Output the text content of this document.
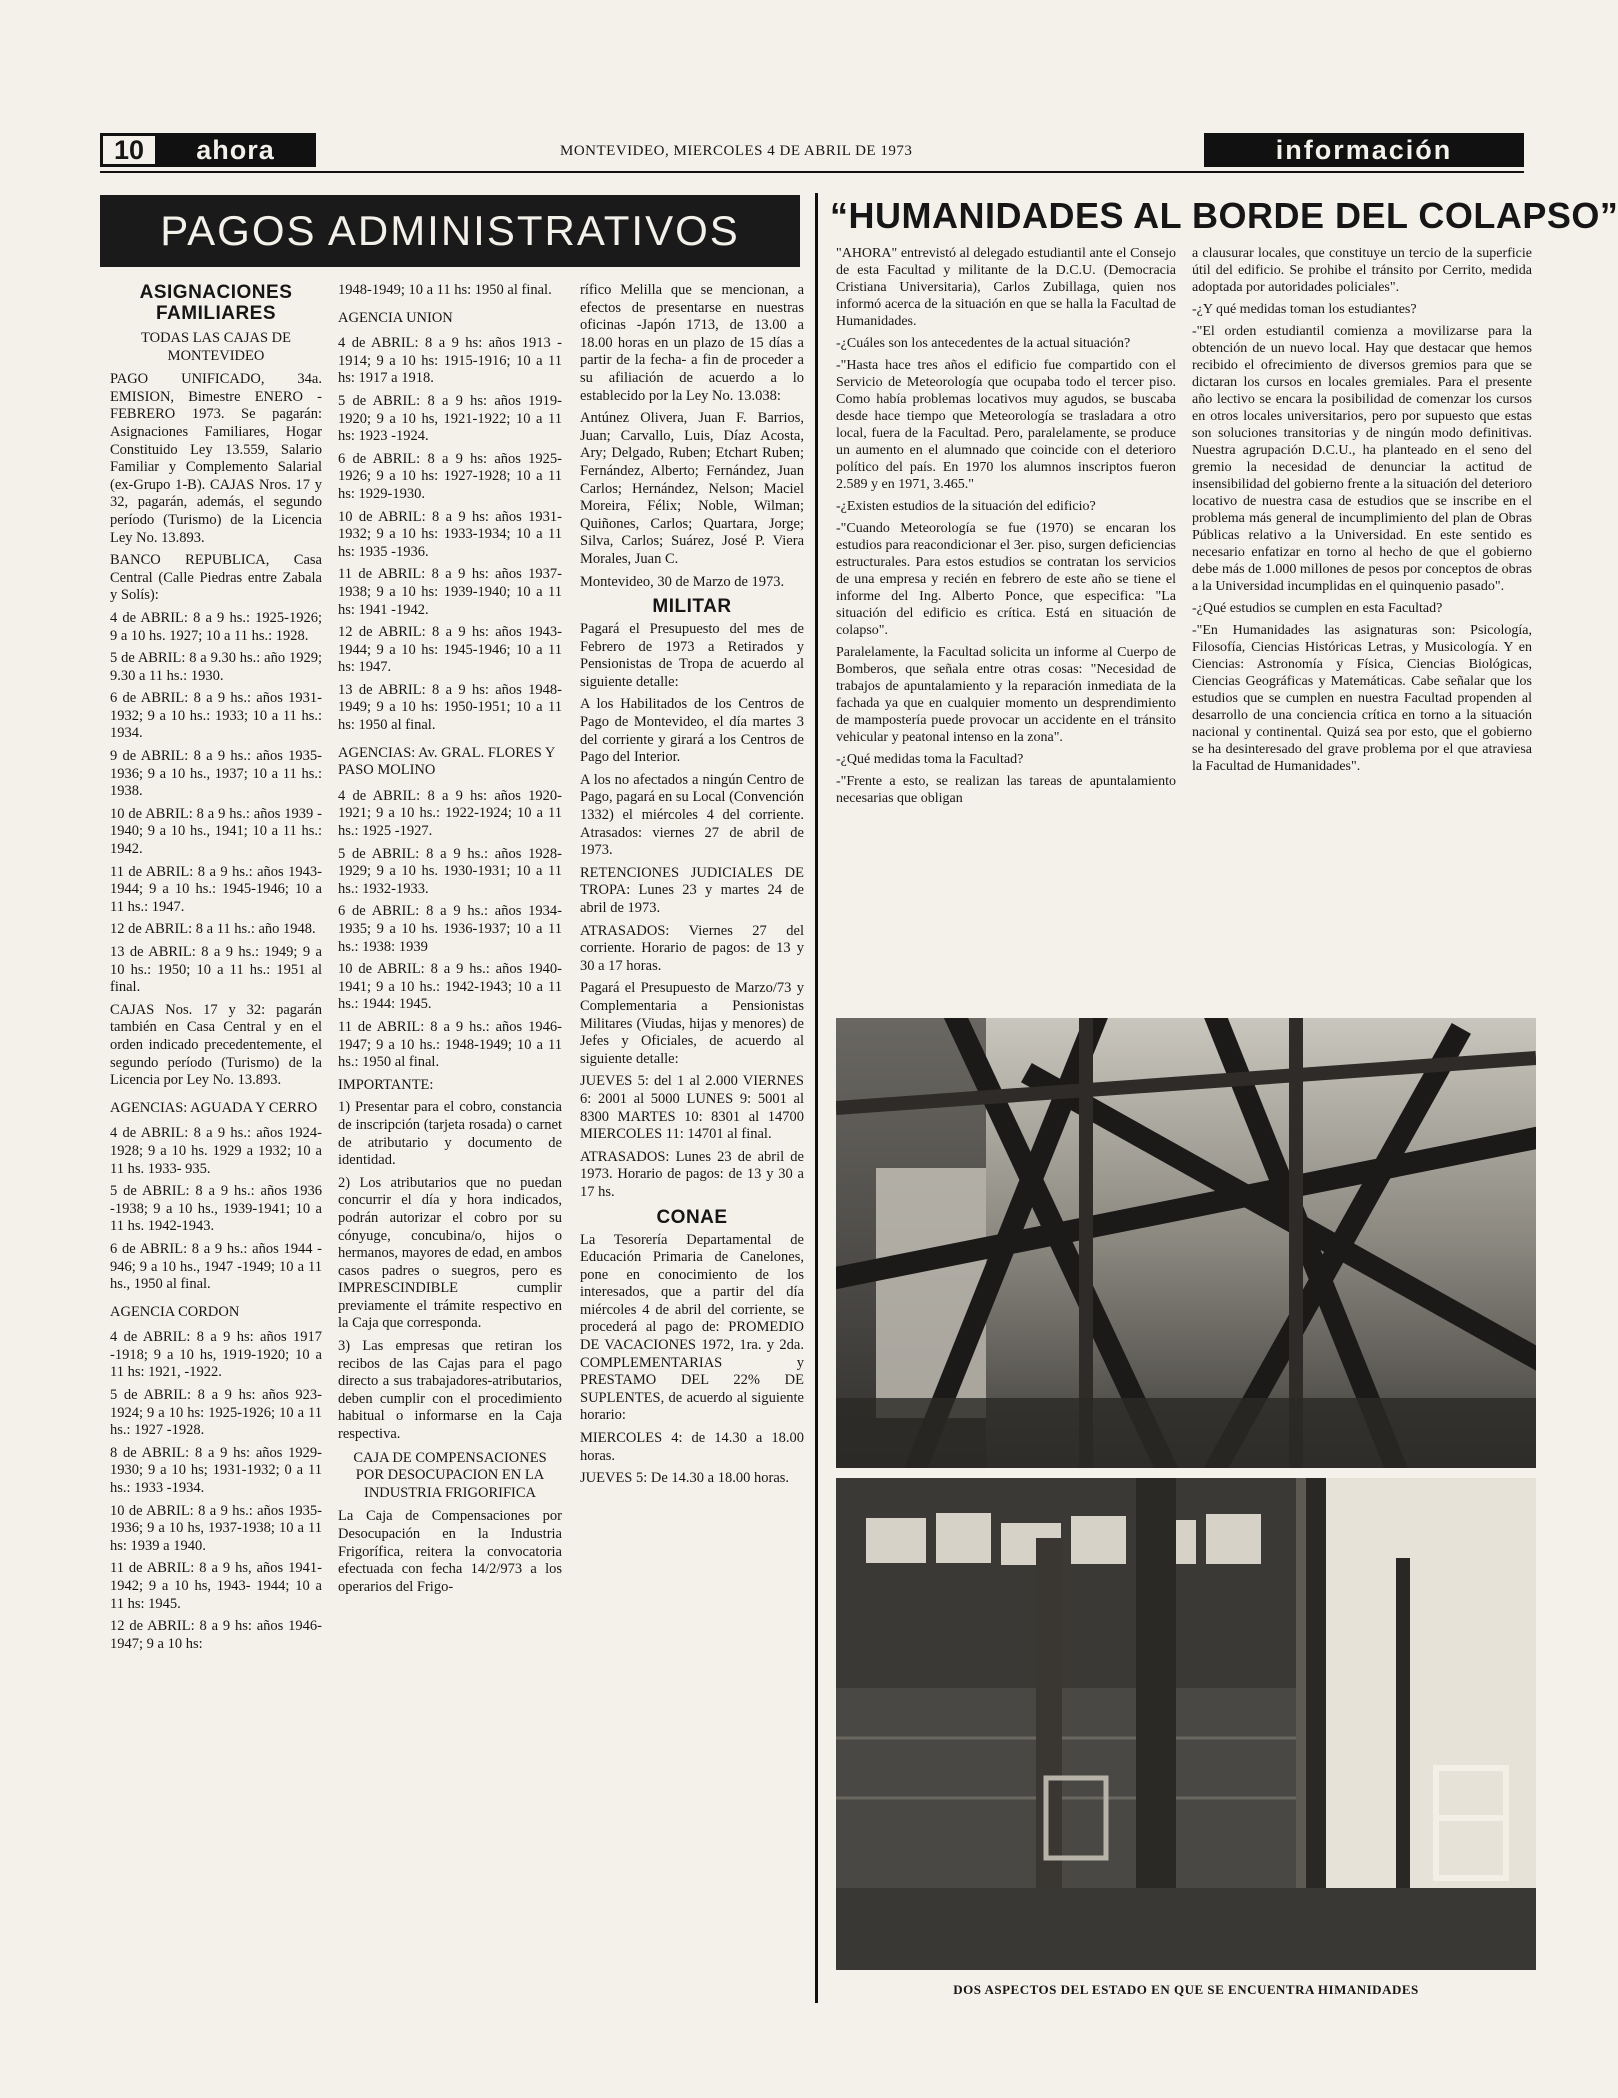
10	ahora	MONTEVIDEO, MIERCOLES 4 DE ABRIL DE 1973	información
PAGOS ADMINISTRATIVOS
ASIGNACIONES FAMILIARES
TODAS LAS CAJAS DE MONTEVIDEO

PAGO UNIFICADO, 34a. EMISION, Bimestre ENERO -FEBRERO 1973. Se pagarán: Asignaciones Familiares, Hogar Constituido Ley 13.559, Salario Familiar y Complemento Salarial (ex-Grupo 1-B). CAJAS Nros. 17 y 32, pagarán, además, el segundo período (Turismo) de la Licencia Ley No. 13.893.

BANCO REPUBLICA, Casa Central (Calle Piedras entre Zabala y Solís):

4 de ABRIL: 8 a 9 hs.: 1925-1926; 9 a 10 hs. 1927; 10 a 11 hs.: 1928.

5 de ABRIL: 8 a 9.30 hs.: año 1929; 9.30 a 11 hs.: 1930.

6 de ABRIL: 8 a 9 hs.: años 1931-1932; 9 a 10 hs.: 1933; 10 a 11 hs.: 1934.

9 de ABRIL: 8 a 9 hs.: años 1935-1936; 9 a 10 hs., 1937; 10 a 11 hs.: 1938.

10 de ABRIL: 8 a 9 hs.: años 1939 - 1940; 9 a 10 hs., 1941; 10 a 11 hs.: 1942.

11 de ABRIL: 8 a 9 hs.: años 1943-1944; 9 a 10 hs.: 1945-1946; 10 a 11 hs.: 1947.

12 de ABRIL: 8 a 11 hs.: año 1948.

13 de ABRIL: 8 a 9 hs.: 1949; 9 a 10 hs.: 1950; 10 a 11 hs.: 1951 al final.

CAJAS Nos. 17 y 32: pagarán también en Casa Central y en el orden indicado precedentemente, el segundo período (Turismo) de la Licencia por Ley No. 13.893.

AGENCIAS: AGUADA Y CERRO

4 de ABRIL: 8 a 9 hs.: años 1924-1928; 9 a 10 hs. 1929 a 1932; 10 a 11 hs. 1933- 935.

5 de ABRIL: 8 a 9 hs.: años 1936 -1938; 9 a 10 hs., 1939-1941; 10 a 11 hs. 1942-1943.

6 de ABRIL: 8 a 9 hs.: años 1944 - 946; 9 a 10 hs., 1947 -1949; 10 a 11 hs., 1950 al final.

AGENCIA CORDON

4 de ABRIL: 8 a 9 hs: años 1917 -1918; 9 a 10 hs, 1919-1920; 10 a 11 hs: 1921, -1922.

5 de ABRIL: 8 a 9 hs: años 923-1924; 9 a 10 hs: 1925-1926; 10 a 11 hs.: 1927 -1928.

8 de ABRIL: 8 a 9 hs: años 1929-1930; 9 a 10 hs; 1931-1932; 0 a 11 hs.: 1933 -1934.

10 de ABRIL: 8 a 9 hs.: años 1935-1936; 9 a 10 hs, 1937-1938; 10 a 11 hs: 1939 a 1940.

11 de ABRIL: 8 a 9 hs, años 1941-1942; 9 a 10 hs, 1943- 1944; 10 a 11 hs: 1945.

12 de ABRIL: 8 a 9 hs: años 1946-1947; 9 a 10 hs:

1948-1949; 10 a 11 hs: 1950 al final.

AGENCIA UNION

4 de ABRIL: 8 a 9 hs: años 1913 - 1914; 9 a 10 hs: 1915-1916; 10 a 11 hs: 1917 a 1918.

5 de ABRIL: 8 a 9 hs: años 1919-1920; 9 a 10 hs, 1921-1922; 10 a 11 hs: 1923 -1924.

6 de ABRIL: 8 a 9 hs: años 1925-1926; 9 a 10 hs: 1927-1928; 10 a 11 hs: 1929-1930.

10 de ABRIL: 8 a 9 hs: años 1931-1932; 9 a 10 hs: 1933-1934; 10 a 11 hs: 1935 -1936.

11 de ABRIL: 8 a 9 hs: años 1937-1938; 9 a 10 hs: 1939-1940; 10 a 11 hs: 1941 -1942.

12 de ABRIL: 8 a 9 hs: años 1943-1944; 9 a 10 hs: 1945-1946; 10 a 11 hs: 1947.

13 de ABRIL: 8 a 9 hs: años 1948-1949; 9 a 10 hs: 1950-1951; 10 a 11 hs: 1950 al final.

AGENCIAS: Av. GRAL. FLORES Y PASO MOLINO

4 de ABRIL: 8 a 9 hs: años 1920-1921; 9 a 10 hs.: 1922-1924; 10 a 11 hs.: 1925 -1927.

5 de ABRIL: 8 a 9 hs.: años 1928-1929; 9 a 10 hs. 1930-1931; 10 a 11 hs.: 1932-1933.

6 de ABRIL: 8 a 9 hs.: años 1934-1935; 9 a 10 hs. 1936-1937; 10 a 11 hs.: 1938: 1939

10 de ABRIL: 8 a 9 hs.: años 1940-1941; 9 a 10 hs.: 1942-1943; 10 a 11 hs.: 1944: 1945.

11 de ABRIL: 8 a 9 hs.: años 1946-1947; 9 a 10 hs.: 1948-1949; 10 a 11 hs.: 1950 al final.

IMPORTANTE:

1) Presentar para el cobro, constancia de inscripción (tarjeta rosada) o carnet de atributario y documento de identidad.

2) Los atributarios que no puedan concurrir el día y hora indicados, podrán autorizar el cobro por su cónyuge, concubina/o, hijos o hermanos, mayores de edad, en ambos casos padres o suegros, pero es IMPRESCINDIBLE cumplir previamente el trámite respectivo en la Caja que corresponda.

3) Las empresas que retiran los recibos de las Cajas para el pago directo a sus trabajadores-atributarios, deben cumplir con el procedimiento habitual o informarse en la Caja respectiva.

CAJA DE COMPENSACIONES POR DESOCUPACION EN LA INDUSTRIA FRIGORIFICA

La Caja de Compensaciones por Desocupación en la Industria Frigorífica, reitera la convocatoria efectuada con fecha 14/2/973 a los operarios del Frigo-

rífico Melilla que se mencionan, a efectos de presentarse en nuestras oficinas -Japón 1713, de 13.00 a 18.00 horas en un plazo de 15 días a partir de la fecha- a fin de proceder a su afiliación de acuerdo a lo establecido por la Ley No. 13.038:

Antúnez Olivera, Juan F. Barrios, Juan; Carvallo, Luis, Díaz Acosta, Ary; Delgado, Ruben; Etchart Ruben; Fernández, Alberto; Fernández, Juan Carlos; Hernández, Nelson; Maciel Moreira, Félix; Noble, Wilman; Quiñones, Carlos; Quartara, Jorge; Silva, Carlos; Suárez, José P. Viera Morales, Juan C.

Montevideo, 30 de Marzo de 1973.

MILITAR

Pagará el Presupuesto del mes de Febrero de 1973 a Retirados y Pensionistas de Tropa de acuerdo al siguiente detalle:

A los Habilitados de los Centros de Pago de Montevideo, el día martes 3 del corriente y girará a los Centros de Pago del Interior.

A los no afectados a ningún Centro de Pago, pagará en su Local (Convención 1332) el miércoles 4 del corriente. Atrasados: viernes 27 de abril de 1973.

RETENCIONES JUDICIALES DE TROPA: Lunes 23 y martes 24 de abril de 1973.

ATRASADOS: Viernes 27 del corriente. Horario de pagos: de 13 y 30 a 17 horas.

Pagará el Presupuesto de Marzo/73 y Complementaria a Pensionistas Militares (Viudas, hijas y menores) de Jefes y Oficiales, de acuerdo al siguiente detalle:

JUEVES 5: del 1 al 2.000 VIERNES 6: 2001 al 5000 LUNES 9: 5001 al 8300 MARTES 10: 8301 al 14700 MIERCOLES 11: 14701 al final.

ATRASADOS: Lunes 23 de abril de 1973. Horario de pagos: de 13 y 30 a 17 hs.

CONAE

La Tesorería Departamental de Educación Primaria de Canelones, pone en conocimiento de los interesados, que a partir del día miércoles 4 de abril del corriente, se procederá al pago de: PROMEDIO DE VACACIONES 1972, 1ra. y 2da. COMPLEMENTARIAS y PRESTAMO DEL 22% DE SUPLENTES, de acuerdo al siguiente horario:

MIERCOLES 4: de 14.30 a 18.00 horas.

JUEVES 5: De 14.30 a 18.00 horas.

“HUMANIDADES AL BORDE DEL COLAPSO”

"AHORA" entrevistó al delegado estudiantil ante el Consejo de esta Facultad y militante de la D.C.U. (Democracia Cristiana Universitaria), Carlos Zubillaga, quien nos informó acerca de la situación en que se halla la Facultad de Humanidades.

-¿Cuáles son los antecedentes de la actual situación?

-"Hasta hace tres años el edificio fue compartido con el Servicio de Meteorología que ocupaba todo el tercer piso. Como había problemas locativos muy agudos, se buscaba desde hace tiempo que Meteorología se trasladara a otro local, fuera de la Facultad. Pero, paralelamente, se produce un aumento en el alumnado que coincide con el deterioro político del país. En 1970 los alumnos inscriptos fueron 2.589 y en 1971, 3.465."

-¿Existen estudios de la situación del edificio?

-"Cuando Meteorología se fue (1970) se encaran los estudios para reacondicionar el 3er. piso, surgen deficiencias estructurales. Para estos estudios se contratan los servicios de una empresa y recién en febrero de este año se tiene el informe del Ing. Alberto Ponce, que especifica: "La situación del edificio es crítica. Está en situación de colapso".

Paralelamente, la Facultad solicita un informe al Cuerpo de Bomberos, que señala entre otras cosas: "Necesidad de trabajos de apuntalamiento y la reparación inmediata de la fachada ya que en cualquier momento un desprendimiento de mampostería puede provocar un accidente en el tránsito vehicular y peatonal intenso en la zona".

-¿Qué medidas toma la Facultad?

-"Frente a esto, se realizan las tareas de apuntalamiento necesarias que obligan

a clausurar locales, que constituye un tercio de la superficie útil del edificio. Se prohibe el tránsito por Cerrito, medida adoptada por autoridades policiales".

-¿Y qué medidas toman los estudiantes?

-"El orden estudiantil comienza a movilizarse para la obtención de un nuevo local. Hay que destacar que hemos recibido el ofrecimiento de diversos gremios para que se dictaran los cursos en locales gremiales. Para el presente año lectivo se encara la posibilidad de comenzar los cursos en otros locales universitarios, pero por supuesto que estas son soluciones transitorias y de ningún modo definitivas. Nuestra agrupación D.C.U., ha planteado en el seno del gremio la necesidad de denunciar la actitud de insensibilidad del gobierno frente a la situación del deterioro locativo de nuestra casa de estudios que se inscribe en el problema más general de incumplimiento del plan de Obras Públicas relativo a la Universidad. En este sentido es necesario enfatizar en torno al hecho de que el gobierno debe más de 1.000 millones de pesos por conceptos de obras a la Universidad incumplidas en el quinquenio pasado".

-¿Qué estudios se cumplen en esta Facultad?

-"En Humanidades las asignaturas son: Psicología, Filosofía, Ciencias Históricas Letras, y Musicología. Y en Ciencias: Astronomía y Física, Ciencias Biológicas, Ciencias Geográficas y Matemáticas. Cabe señalar que los estudios que se cumplen en nuestra Facultad propenden al desarrollo de una conciencia crítica en torno a la situación nacional y continental. Quizá sea por esto, que el gobierno se ha desinteresado del grave problema por el que atraviesa la Facultad de Humanidades".

DOS ASPECTOS DEL ESTADO EN QUE SE ENCUENTRA HIMANIDADES
